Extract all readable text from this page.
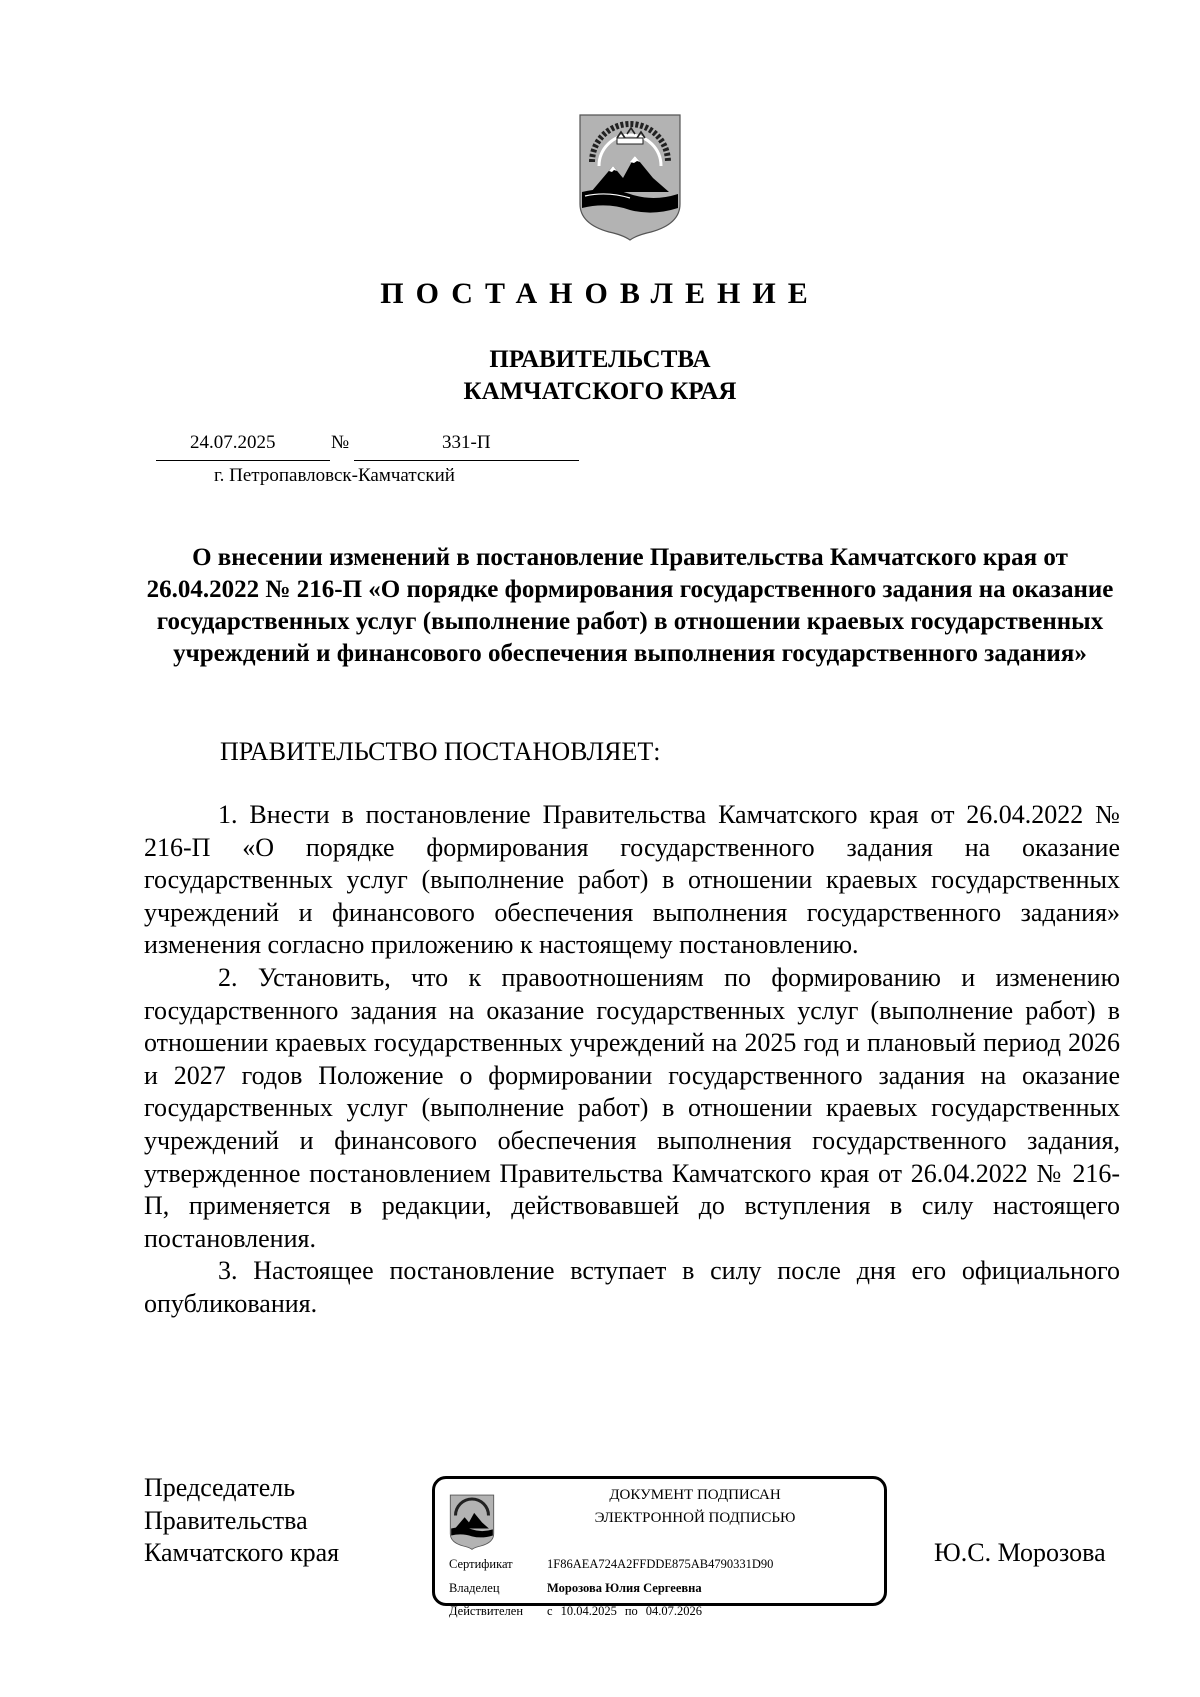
ПОСТАНОВЛЕНИЕ
ПРАВИТЕЛЬСТВА
КАМЧАТСКОГО КРАЯ
24.07.2025	№	331-П
г. Петропавловск-Камчатский
О внесении изменений в постановление Правительства Камчатского края от 26.04.2022 № 216-П «О порядке формирования государственного задания на оказание государственных услуг (выполнение работ) в отношении краевых государственных учреждений и финансового обеспечения выполнения государственного задания»
ПРАВИТЕЛЬСТВО ПОСТАНОВЛЯЕТ:

1. Внести в постановление Правительства Камчатского края от 26.04.2022 № 216-П «О порядке формирования государственного задания на оказание государственных услуг (выполнение работ) в отношении краевых государственных учреждений и финансового обеспечения выполнения государственного задания» изменения согласно приложению к настоящему постановлению.

2. Установить, что к правоотношениям по формированию и изменению государственного задания на оказание государственных услуг (выполнение работ) в отношении краевых государственных учреждений на 2025 год и плановый период 2026 и 2027 годов Положение о формировании государственного задания на оказание государственных услуг (выполнение работ) в отношении краевых государственных учреждений и финансового обеспечения выполнения государственного задания, утвержденное постановлением Правительства Камчатского края от 26.04.2022 № 216-П, применяется в редакции, действовавшей до вступления в силу настоящего постановления.

3. Настоящее постановление вступает в силу после дня его официального опубликования.

Председатель
Правительства
Камчатского края
ДОКУМЕНТ ПОДПИСАН
ЭЛЕКТРОННОЙ ПОДПИСЬЮ
Сертификат	1F86AEA724A2FFDDE875AB4790331D90
Владелец	Морозова Юлия Сергеевна
Действителен с 10.04.2025 по 04.07.2026
Ю.С. Морозова
